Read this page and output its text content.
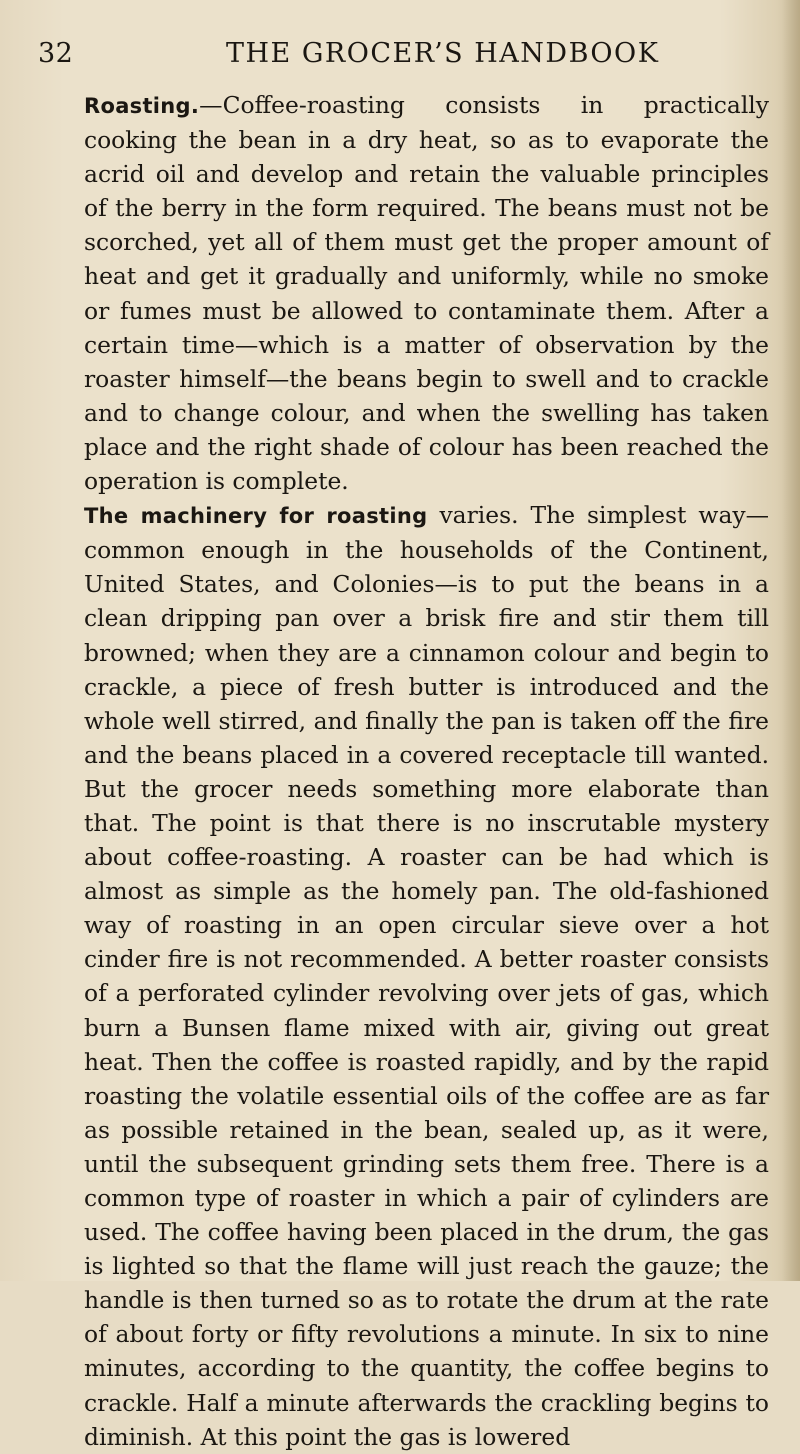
32	THE GROCER’S HANDBOOK

Roasting.—Coffee-roasting consists in practically cooking the bean in a dry heat, so as to evaporate the acrid oil and develop and retain the valuable principles of the berry in the form required. The beans must not be scorched, yet all of them must get the proper amount of heat and get it gradually and uniformly, while no smoke or fumes must be allowed to contaminate them. After a certain time—which is a matter of observation by the roaster himself—the beans begin to swell and to crackle and to change colour, and when the swelling has taken place and the right shade of colour has been reached the operation is complete.

The machinery for roasting varies. The simplest way—common enough in the households of the Continent, United States, and Colonies—is to put the beans in a clean dripping pan over a brisk fire and stir them till browned; when they are a cinnamon colour and begin to crackle, a piece of fresh butter is introduced and the whole well stirred, and finally the pan is taken off the fire and the beans placed in a covered receptacle till wanted. But the grocer needs something more elaborate than that. The point is that there is no inscrutable mystery about coffee-roasting. A roaster can be had which is almost as simple as the homely pan. The old-fashioned way of roasting in an open circular sieve over a hot cinder fire is not recommended. A better roaster consists of a perforated cylinder revolving over jets of gas, which burn a Bunsen flame mixed with air, giving out great heat. Then the coffee is roasted rapidly, and by the rapid roasting the volatile essential oils of the coffee are as far as possible retained in the bean, sealed up, as it were, until the subsequent grinding sets them free. There is a common type of roaster in which a pair of cylinders are used. The coffee having been placed in the drum, the gas is lighted so that the flame will just reach the gauze; the handle is then turned so as to rotate the drum at the rate of about forty or fifty revolutions a minute. In six to nine minutes, according to the quantity, the coffee begins to crackle. Half a minute afterwards the crackling begins to diminish. At this point the gas is lowered
